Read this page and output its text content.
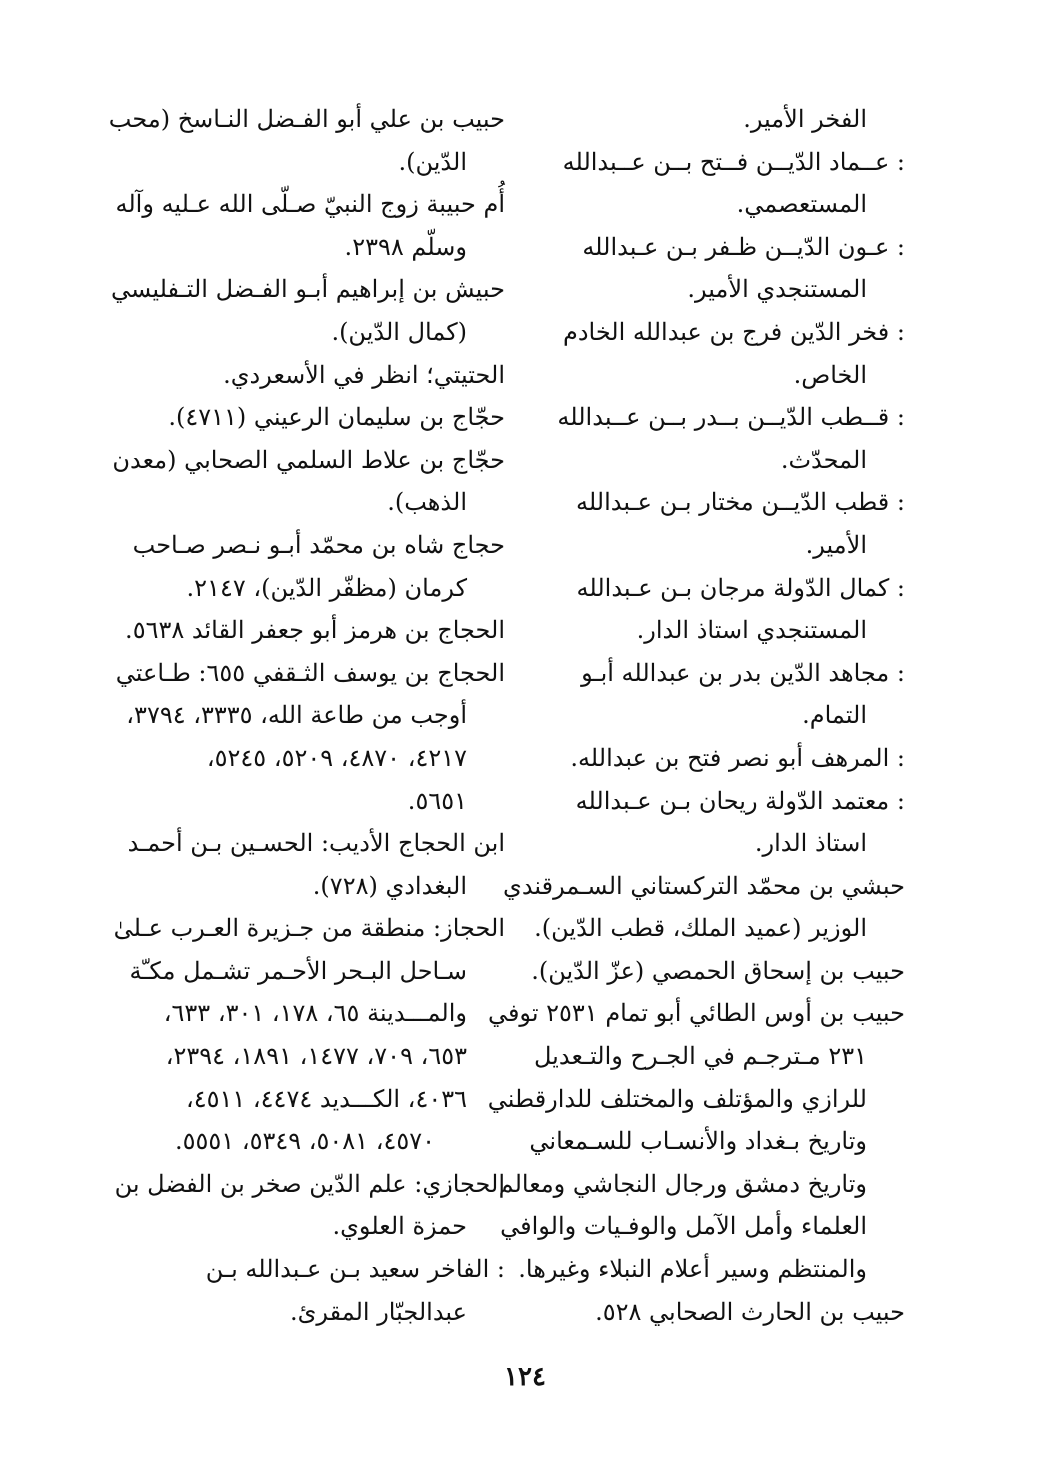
الفخر الأمير.
: عــماد الدّيــن فــتح بــن عــبدالله
المستعصمي.
: عـون الدّيــن ظـفر بـن عـبدالله
المستنجدي الأمير.
: فخر الدّين فرج بن عبدالله الخادم
الخاص.
: قــطب الدّيــن بــدر بــن عــبدالله
المحدّث.
: قطب الدّيــن مختار بـن عـبدالله
الأمير.
: كمال الدّولة مرجان بـن عـبدالله
المستنجدي استاذ الدار.
: مجاهد الدّين بدر بن عبدالله أبـو
التمام.
: المرهف أبو نصر فتح بن عبدالله.
: معتمد الدّولة ريحان بـن عـبدالله
استاذ الدار.
حبشي بن محمّد التركستاني السـمرقندي
الوزير (عميد الملك، قطب الدّين).
حبيب بن إسحاق الحمصي (عزّ الدّين).
حبيب بن أوس الطائي أبو تمام ٢٥٣١ توفي
٢٣١ مـترجـم في الجـرح والتـعديل
للرازي والمؤتلف والمختلف للدارقطني
وتاريخ بـغداد والأنسـاب للسـمعاني
وتاريخ دمشق ورجال النجاشي ومعالم
العلماء وأمل الآمل والوفـيات والوافي
والمنتظم وسير أعلام النبلاء وغيرها.
حبيب بن الحارث الصحابي ٥٢٨.
حبيب بن علي أبو الفـضل النـاسخ (محب
الدّين).
أُم حبيبة زوج النبيّ صـلّى الله عـليه وآله
وسلّم ٢٣٩٨.
حبيش بن إبراهيم أبـو الفـضل التـفليسي
(كمال الدّين).
الحتيتي؛ انظر في الأسعردي.
حجّاج بن سليمان الرعيني (٤٧١١).
حجّاج بن علاط السلمي الصحابي (معدن
الذهب).
حجاج شاه بن محمّد أبـو نـصر صـاحب
كرمان (مظفّر الدّين)، ٢١٤٧.
الحجاج بن هرمز أبو جعفر القائد ٥٦٣٨.
الحجاج بن يوسف الثـقفي ٦٥٥: طـاعتي
أوجب من طاعة الله، ٣٣٣٥، ٣٧٩٤،
٤٢١٧، ٤٨٧٠، ٥٢٠٩، ٥٢٤٥،
٥٦٥١.
ابن الحجاج الأديب: الحسـين بـن أحمـد
البغدادي (٧٢٨).
الحجاز: منطقة من جـزيرة العـرب عـلىٰ
سـاحل البـحر الأحـمر تشـمل مكـّة
والمـــدينة ٦٥، ١٧٨، ٣٠١، ٦٣٣،
٦٥٣، ٧٠٩، ١٤٧٧، ١٨٩١، ٢٣٩٤،
٤٠٣٦، الكـــديد ٤٤٧٤، ٤٥١١،
٤٥٧٠، ٥٠٨١، ٥٣٤٩، ٥٥٥١.
الحجازي: علم الدّين صخر بن الفضل بن
حمزة العلوي.
: الفاخر سعيد بـن عـبدالله بـن
عبدالجبّار المقرئ.
١٢٤
